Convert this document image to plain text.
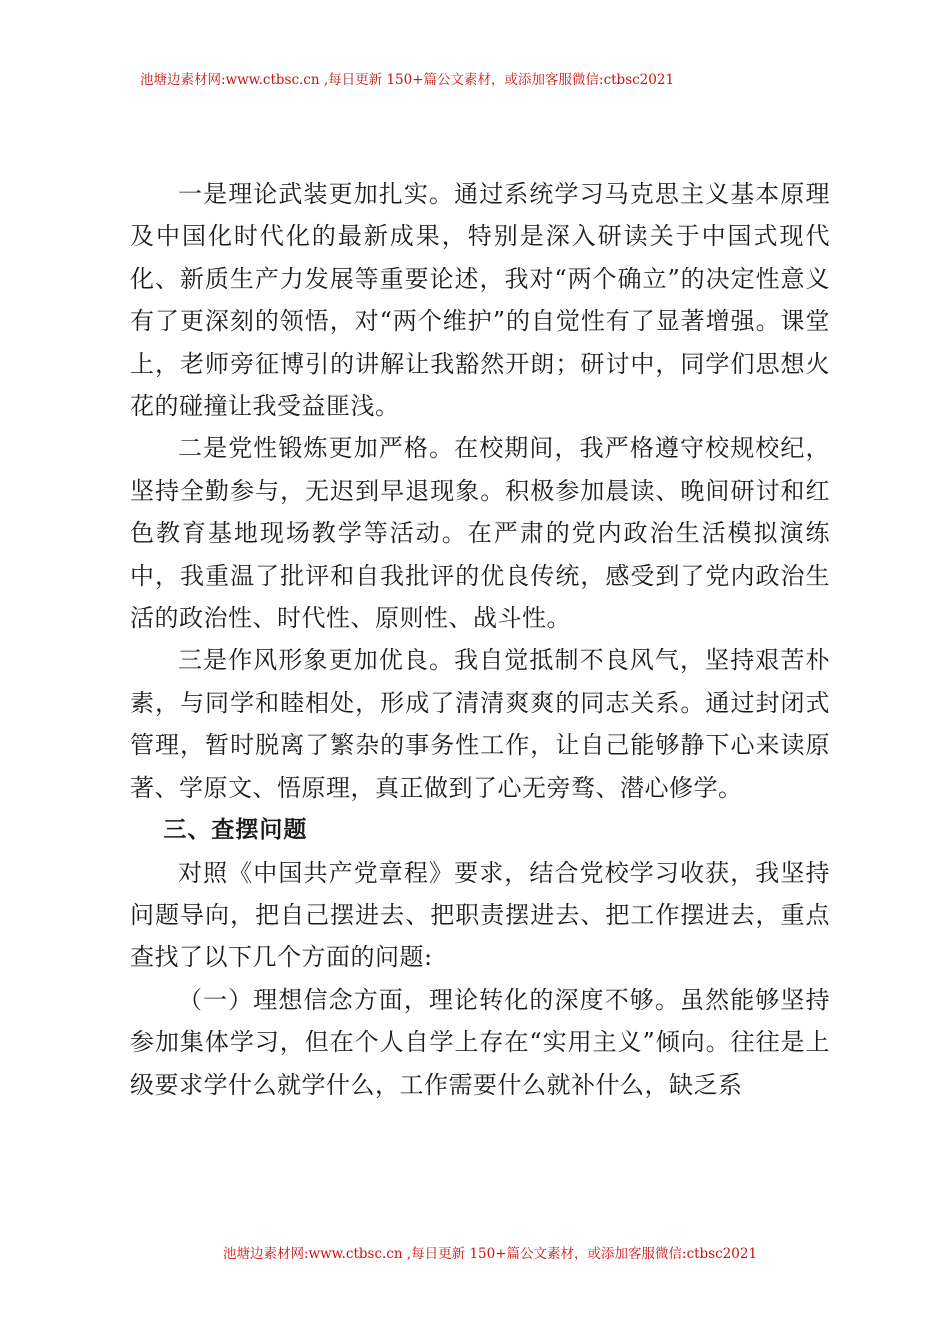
池塘边素材网:www.ctbsc.cn ,每日更新 150+篇公文素材，或添加客服微信:ctbsc2021

一是理论武装更加扎实。通过系统学习马克思主义基本原理及中国化时代化的最新成果，特别是深入研读关于中国式现代化、新质生产力发展等重要论述，我对“两个确立”的决定性意义有了更深刻的领悟，对“两个维护”的自觉性有了显著增强。课堂上，老师旁征博引的讲解让我豁然开朗；研讨中，同学们思想火花的碰撞让我受益匪浅。

二是党性锻炼更加严格。在校期间，我严格遵守校规校纪，坚持全勤参与，无迟到早退现象。积极参加晨读、晚间研讨和红色教育基地现场教学等活动。在严肃的党内政治生活模拟演练中，我重温了批评和自我批评的优良传统，感受到了党内政治生活的政治性、时代性、原则性、战斗性。

三是作风形象更加优良。我自觉抵制不良风气，坚持艰苦朴素，与同学和睦相处，形成了清清爽爽的同志关系。通过封闭式管理，暂时脱离了繁杂的事务性工作，让自己能够静下心来读原著、学原文、悟原理，真正做到了心无旁骛、潜心修学。

三、查摆问题

对照《中国共产党章程》要求，结合党校学习收获，我坚持问题导向，把自己摆进去、把职责摆进去、把工作摆进去，重点查找了以下几个方面的问题:

（一）理想信念方面，理论转化的深度不够。虽然能够坚持参加集体学习，但在个人自学上存在“实用主义”倾向。往往是上级要求学什么就学什么，工作需要什么就补什么，缺乏系

池塘边素材网:www.ctbsc.cn ,每日更新 150+篇公文素材，或添加客服微信:ctbsc2021
